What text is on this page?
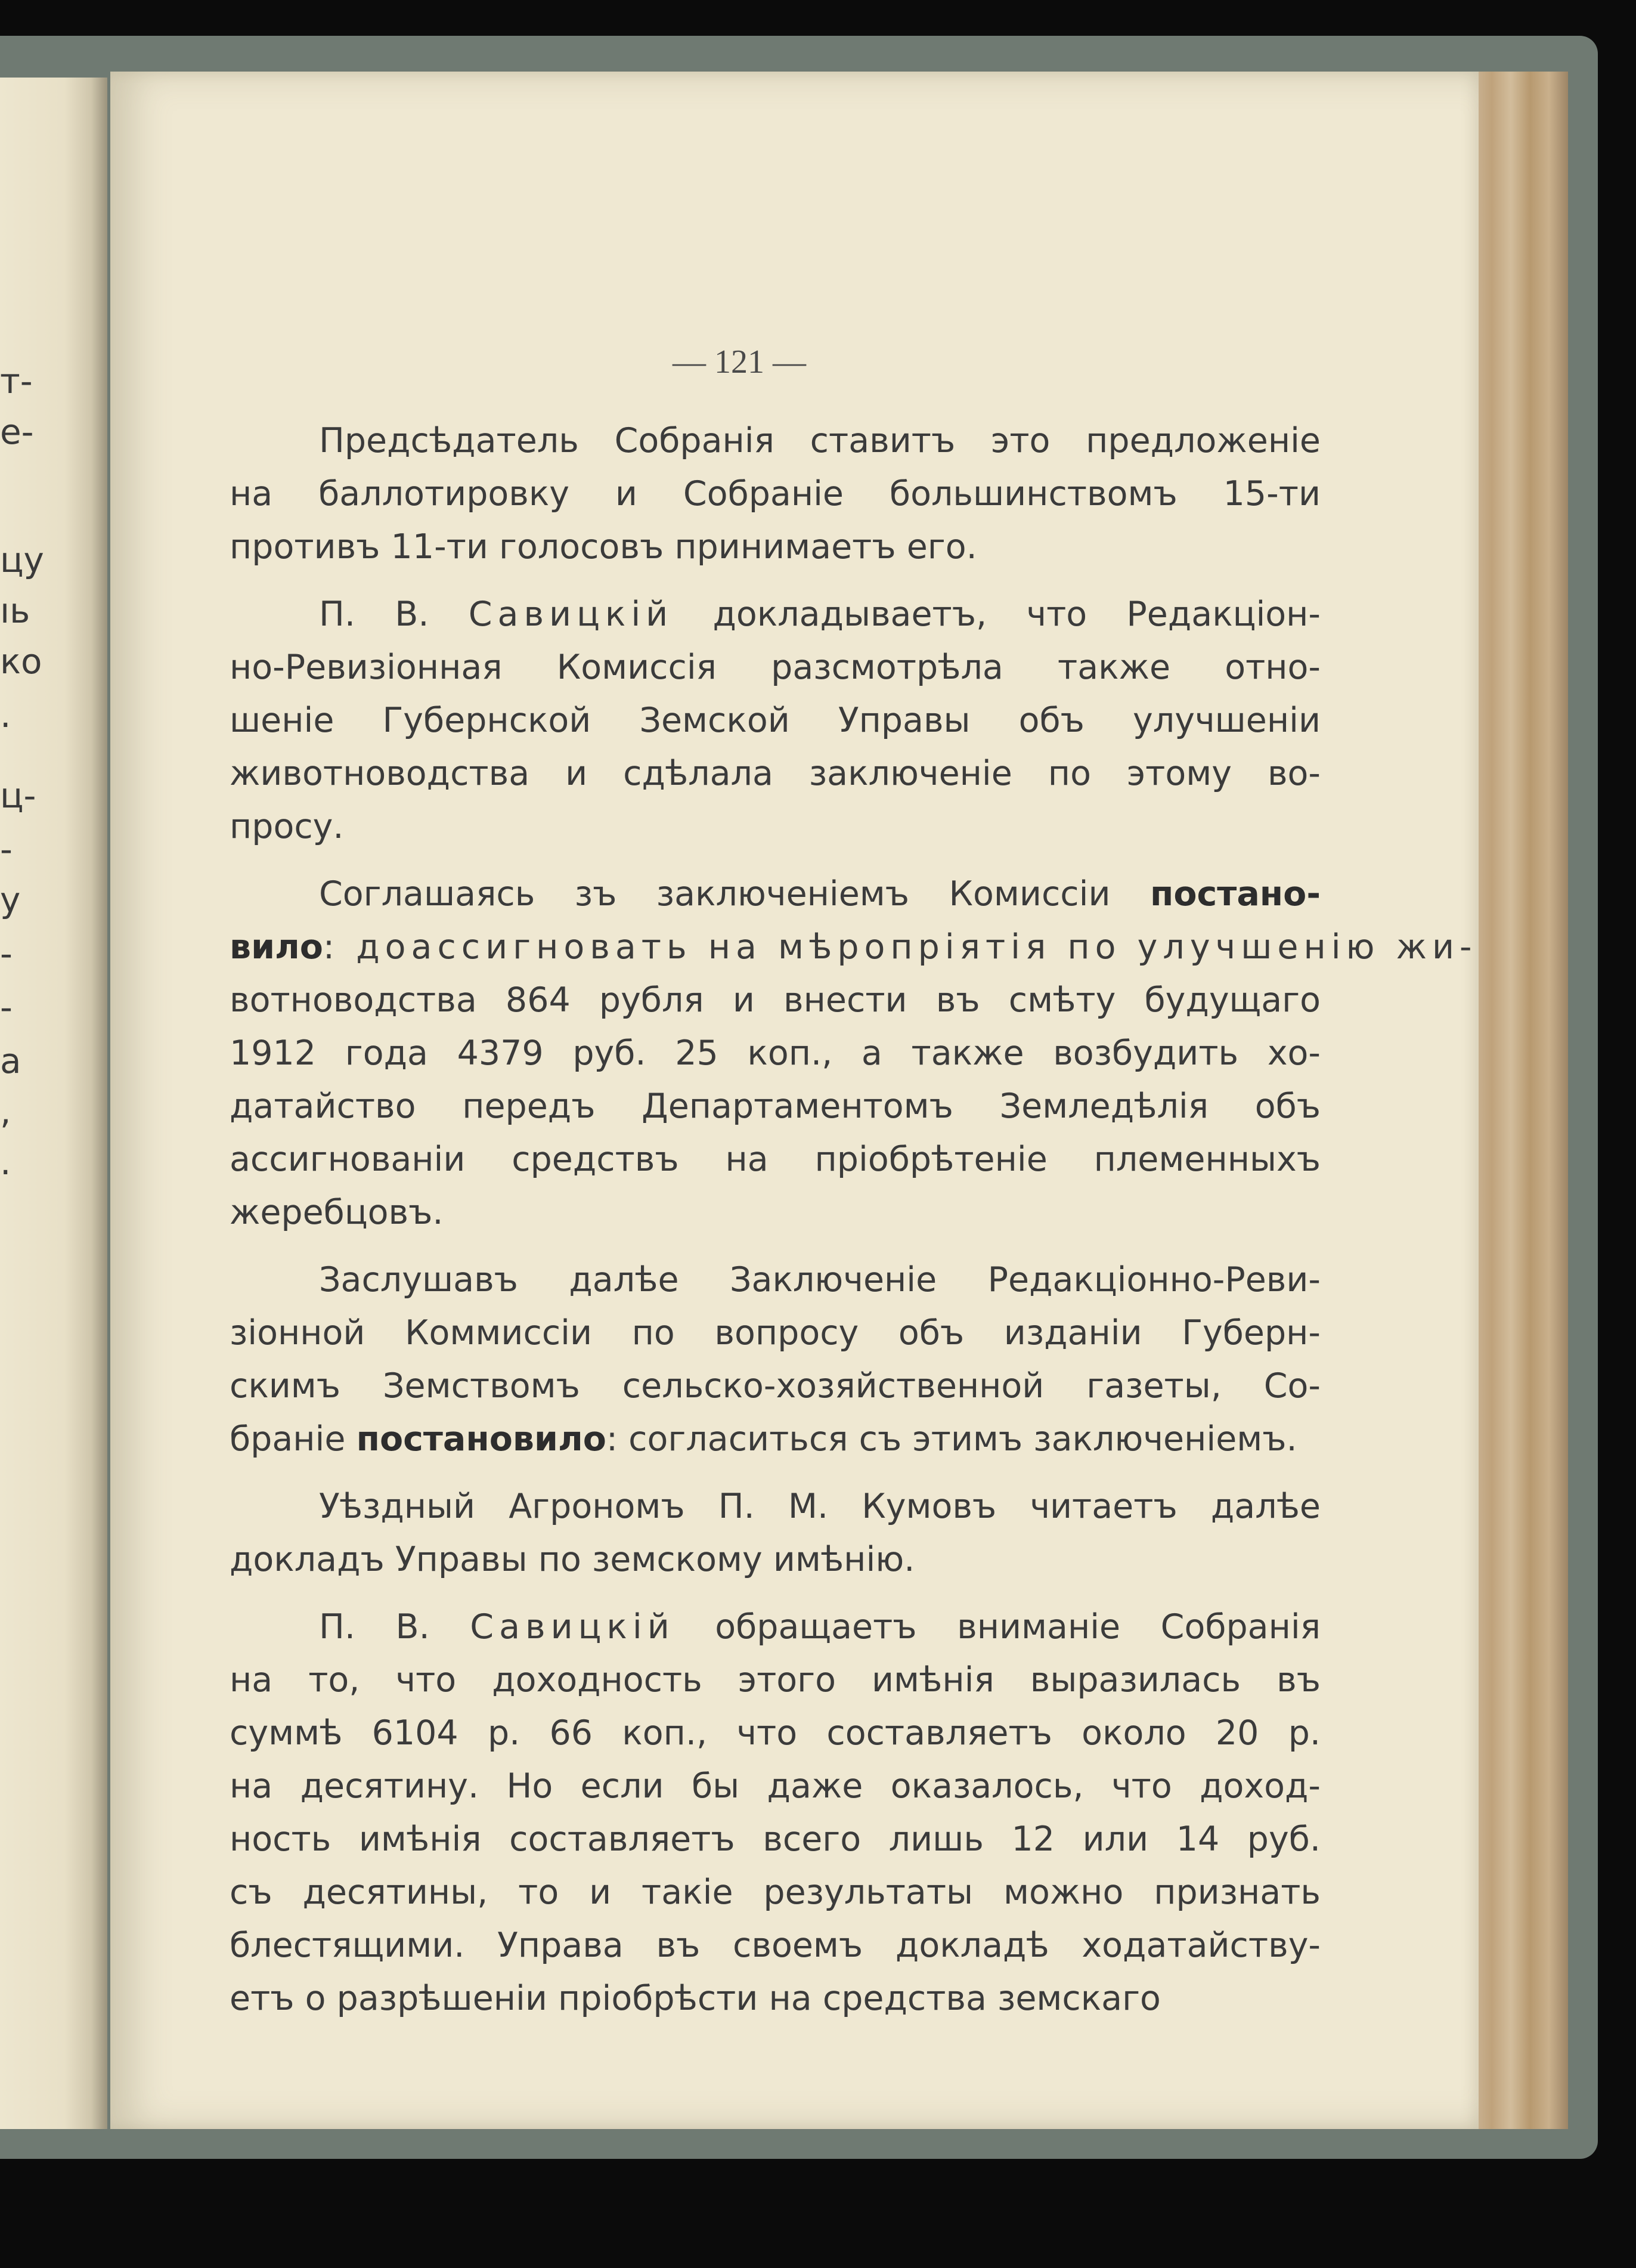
т-
е-
цу
ıь
ко
.
ц-
-
у
-
-
a
,
.
— 121 —
Предсѣдатель Собранія ставитъ это предложеніе
на баллотировку и Собраніе большинствомъ 15-ти
противъ 11-ти голосовъ принимаетъ его.
П. В. Савицкій докладываетъ, что Редакціон-
но-Ревизіонная Комиссія разсмотрѣла также отно-
шеніе Губернской Земской Управы объ улучшеніи
животноводства и сдѣлала заключеніе по этому во-
просу.
Соглашаясь зъ заключеніемъ Комиссіи постано-
вило: доассигновать на мѣропріятія по улучшенію жи-
вотноводства 864 рубля и внести въ смѣту будущаго
1912 года 4379 руб. 25 коп., а также возбудить хо-
датайство передъ Департаментомъ Земледѣлія объ
ассигнованіи средствъ на пріобрѣтеніе племенныхъ
жеребцовъ.
Заслушавъ далѣе Заключеніе Редакціонно-Реви-
зіонной Коммиссіи по вопросу объ изданіи Губерн-
скимъ Земствомъ сельско-хозяйственной газеты, Со-
браніе постановило: согласиться съ этимъ заключеніемъ.
Уѣздный Агрономъ П. М. Кумовъ читаетъ далѣе
докладъ Управы по земскому имѣнію.
П. В. Савицкій обращаетъ вниманіе Собранія
на то, что доходность этого имѣнія выразилась въ
суммѣ 6104 р. 66 коп., что составляетъ около 20 р.
на десятину. Но если бы даже оказалось, что доход-
ность имѣнія составляетъ всего лишь 12 или 14 руб.
съ десятины, то и такіе результаты можно признать
блестящими. Управа въ своемъ докладѣ ходатайству-
етъ о разрѣшеніи пріобрѣсти на средства земскаго
